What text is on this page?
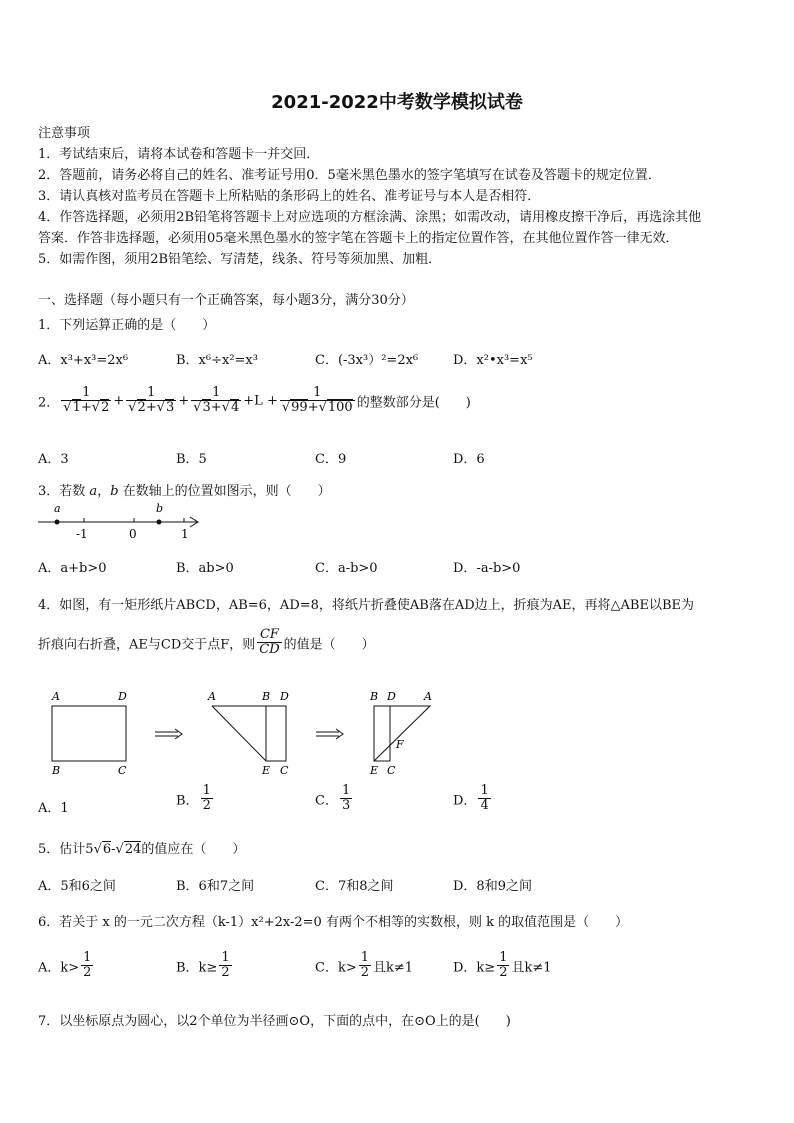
2021-2022中考数学模拟试卷
注意事项
1．考试结束后，请将本试卷和答题卡一并交回．
2．答题前，请务必将自己的姓名、准考证号用0．5毫米黑色墨水的签字笔填写在试卷及答题卡的规定位置．
3．请认真核对监考员在答题卡上所粘贴的条形码上的姓名、准考证号与本人是否相符．
4．作答选择题，必须用2B铅笔将答题卡上对应选项的方框涂满、涂黑；如需改动，请用橡皮擦干净后，再选涂其他
答案．作答非选择题，必须用05毫米黑色墨水的签字笔在答题卡上的指定位置作答，在其他位置作答一律无效．
5．如需作图，须用2B铅笔绘、写清楚，线条、符号等须加黑、加粗．
一、选择题（每小题只有一个正确答案，每小题3分，满分30分）
1．下列运算正确的是（　　）
A．x³+x³=2x⁶	B．x⁶÷x²=x³	C．(-3x³）²=2x⁶	D．x²•x³=x⁵
2． 1
√ 1+ √ 2 + 1
√ 2+ √ 3 + 1
√ 3+ √ 4 +L + 1
√ 99+ √ 100 的整数部分是(　　)
A．3	B．5	C．9	D．6
3．若数 a，b 在数轴上的位置如图示，则（　　）
a	b
-1	0	1
A．a+b>0	B．ab>0	C．a-b>0	D．-a-b>0
4．如图，有一矩形纸片ABCD，AB=6，AD=8，将纸片折叠使AB落在AD边上，折痕为AE，再将△ABE以BE为
折痕向右折叠，AE与CD交于点F，则 $\frac{CF}{CD}$ 的值是（　　）
A	D
B	C
A	B D
E C
B D	A
F
E C
A．1
B． $\frac{1}{2}$	C． $\frac{1}{3}$	D． $\frac{1}{4}$
5．估计5 √ 6- √ 24的值应在（　　）
A．5和6之间	B．6和7之间	C．7和8之间	D．8和9之间
6．若关于 x 的一元二次方程（k-1）x²+2x-2=0 有两个不相等的实数根，则 k 的取值范围是（　　）
A．$k> \frac{1}{2}$	B．$k\ge \frac{1}{2}$	C．$k> \frac{1}{2}$ 且k≠1	D．$k\ge \frac{1}{2}$ 且k≠1
7．以坐标原点为圆心，以2个单位为半径画⊙O，下面的点中，在⊙O上的是(　　)
